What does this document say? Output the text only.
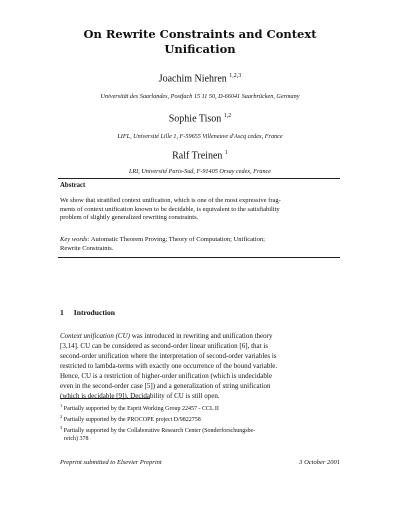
On Rewrite Constraints and Context
Unification
Joachim Niehren $^{1,2,3}$
Universität des Saarlandes, Postfach 15 11 50, D-66041 Saarbrücken, Germany
Sophie Tison $^{1,2}$
LIFL, Université Lille 1, F-59655 Villeneuve d'Ascq cedex, France
Ralf Treinen $^1$
LRI, Université Paris-Sud, F-91405 Orsay cedex, France
Abstract
We show that stratified context unification, which is one of the most expressive frag-
ments of context unification known to be decidable, is equivalent to the satisfiability
problem of slightly generalized rewriting constraints.
Key words: Automatic Theorem Proving; Theory of Computation; Unification;
Rewrite Constraints.
1 Introduction
Context unification (CU) was introduced in rewriting and unification theory
[3,14]. CU can be considered as second-order linear unification [6], that is
second-order unification where the interpretation of second-order variables is
restricted to lambda-terms with exactly one occurrence of the bound variable.
Hence, CU is a restriction of higher-order unification (which is undecidable
even in the second-order case [5]) and a generalization of string unification
(which is decidable [9]). Decidability of CU is still open.
$^1$ Partially supported by the Esprit Working Group 22457 - CCL II
$^2$ Partially supported by the PROCOPE project D/9822758
$^3$ Partially supported by the Collaborative Research Center (Sonderforschungsbe-
reich) 378
Preprint submitted to Elsevier Preprint	3 October 2001
